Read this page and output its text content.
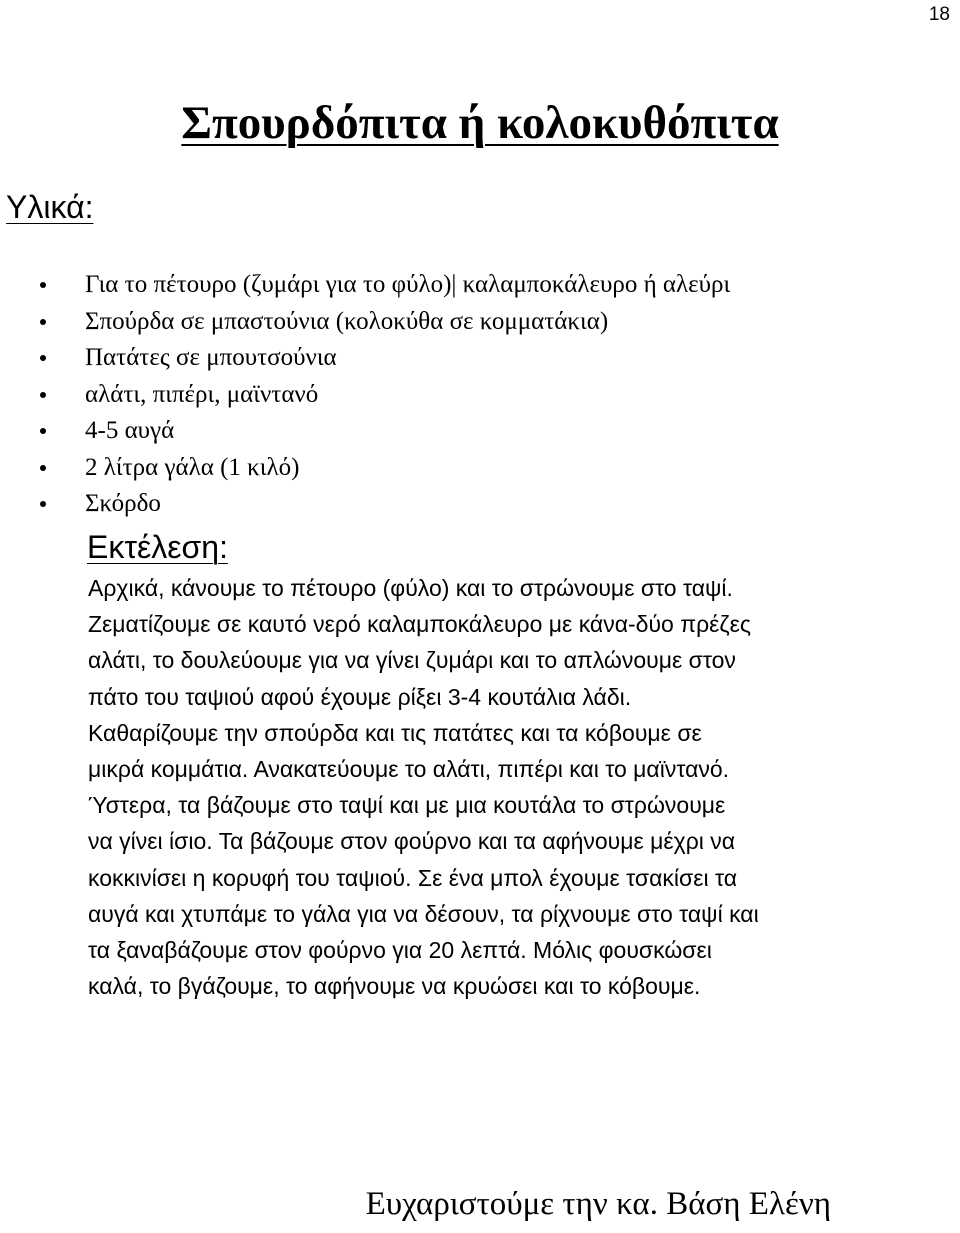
18
Σπουρδόπιτα ή κολοκυθόπιτα
Υλικά:
Για το πέτουρο (ζυμάρι για το φύλο)| καλαμποκάλευρο ή αλεύρι
Σπούρδα σε μπαστούνια (κολοκύθα σε κομματάκια)
Πατάτες σε μπουτσούνια
αλάτι, πιπέρι, μαϊντανό
4-5 αυγά
2 λίτρα γάλα (1 κιλό)
Σκόρδο
Εκτέλεση:

Αρχικά, κάνουμε το πέτουρο (φύλο) και το στρώνουμε στο ταψί.
Ζεματίζουμε σε καυτό νερό καλαμποκάλευρο με κάνα-δύο πρέζες
αλάτι, το δουλεύουμε για να γίνει ζυμάρι και το απλώνουμε στον
πάτο του ταψιού αφού έχουμε ρίξει 3-4 κουτάλια λάδι.
Καθαρίζουμε την σπούρδα και τις πατάτες και τα κόβουμε σε
μικρά κομμάτια. Ανακατεύουμε το αλάτι, πιπέρι και το μαϊντανό.
Ύστερα, τα βάζουμε στο ταψί και με μια κουτάλα το στρώνουμε
να γίνει ίσιο. Τα βάζουμε στον φούρνο και τα αφήνουμε μέχρι να
κοκκινίσει η κορυφή του ταψιού. Σε ένα μπολ έχουμε τσακίσει τα
αυγά και χτυπάμε το γάλα για να δέσουν, τα ρίχνουμε στο ταψί και
τα ξαναβάζουμε στον φούρνο για 20 λεπτά. Μόλις φουσκώσει
καλά, το βγάζουμε, το αφήνουμε να κρυώσει και το κόβουμε.

Ευχαριστούμε την κα. Βάση Ελένη
